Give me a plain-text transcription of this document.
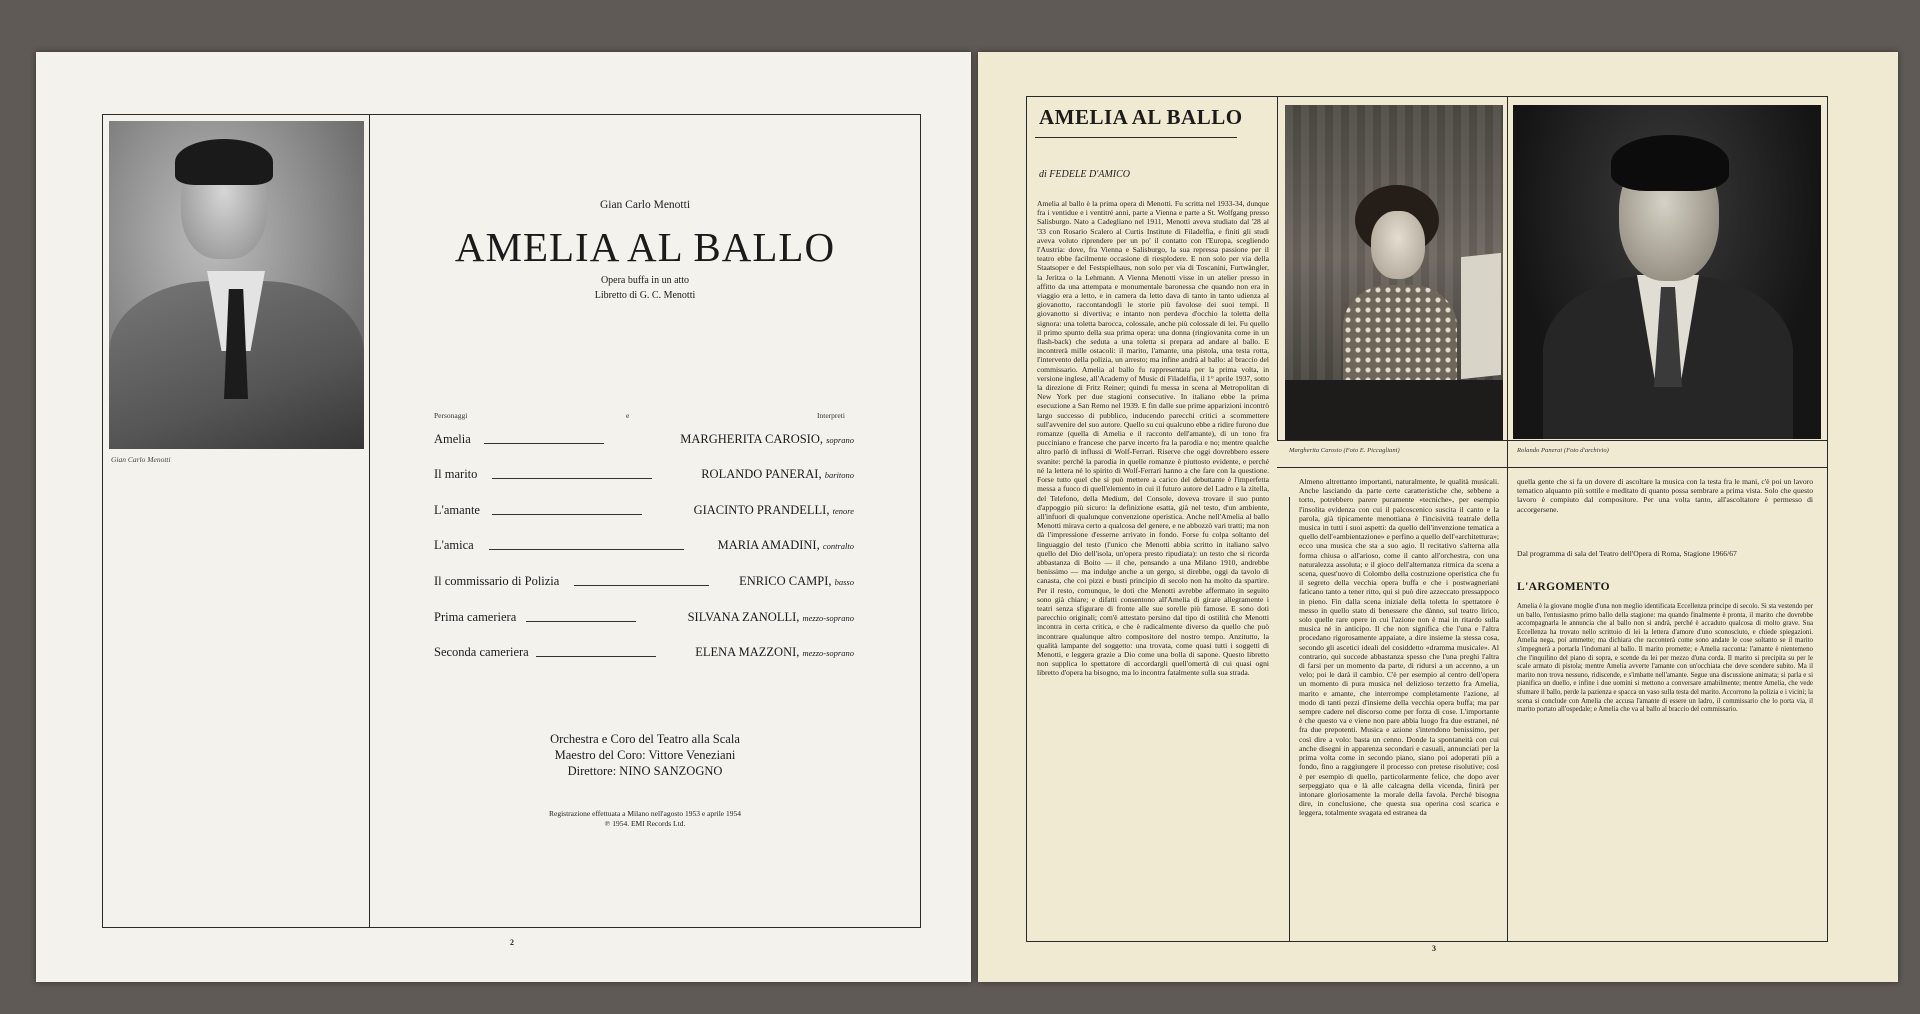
Gian Carlo Menotti
Gian Carlo Menotti
AMELIA AL BALLO
Opera buffa in un atto
Libretto di G. C. Menotti
Personaggi	e	Interpreti
Amelia	MARGHERITA CAROSIO, soprano
Il marito	ROLANDO PANERAI, baritono
L'amante	GIACINTO PRANDELLI, tenore
L'amica	MARIA AMADINI, contralto
Il commissario di Polizia	ENRICO CAMPI, basso
Prima cameriera	SILVANA ZANOLLI, mezzo-soprano
Seconda cameriera	ELENA MAZZONI, mezzo-soprano
Orchestra e Coro del Teatro alla Scala
Maestro del Coro: Vittore Veneziani
Direttore: NINO SANZOGNO
Registrazione effettuata a Milano nell'agosto 1953 e aprile 1954
℗ 1954. EMI Records Ltd.
2
AMELIA AL BALLO
di FEDELE D'AMICO
Margherita Carosio (Foto E. Piccagliani)	Rolando Panerai (Foto d'archivio)
Amelia al ballo è la prima opera di Menotti. Fu scritta nel 1933-34, dunque fra i ventidue e i ventitré anni, parte a Vienna e parte a St. Wolfgang presso Salisburgo. Nato a Cadegliano nel 1911, Menotti aveva studiato dal '28 al '33 con Rosario Scalero al Curtis Institute di Filadelfia, e finiti gli studi aveva voluto riprendere per un po' il contatto con l'Europa, scegliendo l'Austria: dove, fra Vienna e Salisburgo, la sua repressa passione per il teatro ebbe facilmente occasione di riesplodere. E non solo per via della Staatsoper e del Festspielhaus, non solo per via di Toscanini, Furtwängler, la Jeritza o la Lehmann. A Vienna Menotti visse in un atelier presso in affitto da una attempata e monumentale baronessa che quando non era in viaggio era a letto, e in camera da letto dava di tanto in tanto udienza al giovanotto, raccontandogli le storie più favolose dei suoi tempi. Il giovanotto si divertiva; e intanto non perdeva d'occhio la toletta della signora: una toletta barocca, colossale, anche più colossale di lei. Fu quello il primo spunto della sua prima opera: una donna (ringiovanita come in un flash-back) che seduta a una toletta si prepara ad andare al ballo. E incontrerà mille ostacoli: il marito, l'amante, una pistola, una testa rotta, l'intervento della polizia, un arresto; ma infine andrà al ballo: al braccio del commissario. Amelia al ballo fu rappresentata per la prima volta, in versione inglese, all'Academy of Music di Filadelfia, il 1° aprile 1937, sotto la direzione di Fritz Reiner; quindi fu messa in scena al Metropolitan di New York per due stagioni consecutive. In italiano ebbe la prima esecuzione a San Remo nel 1939. E fin dalle sue prime apparizioni incontrò largo successo di pubblico, inducendo parecchi critici a scommettere sull'avvenire del suo autore. Quello su cui qualcuno ebbe a ridire furono due romanze (quella di Amelia e il racconto dell'amante), di un tono fra pucciniano e francese che parve incerto fra la parodia e no; mentre qualche altro parlò di influssi di Wolf-Ferrari. Riserve che oggi dovrebbero essere svanite: perché la parodia in quelle romanze è piuttosto evidente, e perché né la lettera né lo spirito di Wolf-Ferrari hanno a che fare con la questione. Forse tutto quel che si può mettere a carico del debuttante è l'imperfetta messa a fuoco di quell'elemento in cui il futuro autore del Ladro e la zitella, del Telefono, della Medium, del Console, doveva trovare il suo punto d'appoggio più sicuro: la definizione esatta, già nel testo, d'un ambiente, all'infuori di qualunque convenzione operistica. Anche nell'Amelia al ballo Menotti mirava certo a qualcosa del genere, e ne abbozzò vari tratti; ma non dà l'impressione d'esserne arrivato in fondo. Forse fu colpa soltanto del linguaggio del testo (l'unico che Menotti abbia scritto in italiano salvo quello del Dio dell'isola, un'opera presto ripudiata): un testo che si ricorda abbastanza di Boito — il che, pensando a una Milano 1910, andrebbe benissimo — ma indulge anche a un gergo, si direbbe, oggi da tavolo di canasta, che coi pizzi e busti principio di secolo non ha molto da spartire. Per il resto, comunque, le doti che Menotti avrebbe affermato in seguito sono già chiare; e difatti consentono all'Amelia di girare allegramente i teatri senza sfigurare di fronte alle sue sorelle più famose. E sono doti parecchio originali; com'è attestato persino dal tipo di ostilità che Menotti incontra in certa critica, e che è radicalmente diverso da quello che può incontrare qualunque altro compositore del nostro tempo. Anzitutto, la qualità lampante del soggetto: una trovata, come quasi tutti i soggetti di Menotti, e leggera grazie a Dio come una bolla di sapone. Questo libretto non supplica lo spettatore di accordargli quell'omertà di cui quasi ogni libretto d'opera ha bisogno, ma lo incontra fatalmente sulla sua strada.
Almeno altrettanto importanti, naturalmente, le qualità musicali. Anche lasciando da parte certe caratteristiche che, sebbene a torto, potrebbero parere puramente «tecniche», per esempio l'insolita evidenza con cui il palcoscenico suscita il canto e la parola, già tipicamente menottiana è l'incisività teatrale della musica in tutti i suoi aspetti: da quello dell'invenzione tematica a quello dell'«ambientazione» e perfino a quello dell'«architettura»; ecco una musica che sta a suo agio. Il recitativo s'alterna alla forma chiusa o all'arioso, come il canto all'orchestra, con una naturalezza assoluta; e il gioco dell'alternanza ritmica da scena a scena, quest'uovo di Colombo della costruzione operistica che fu il segreto della vecchia opera buffa e che i postwagneriani faticano tanto a tener ritto, qui si può dire azzeccato pressappoco in pieno. Fin dalla scena iniziale della toletta lo spettatore è messo in quello stato di benessere che dànno, sul teatro lirico, solo quelle rare opere in cui l'azione non è mai in ritardo sulla musica né in anticipo. Il che non significa che l'una e l'altra procedano rigorosamente appaiate, a dire insieme la stessa cosa, secondo gli ascetici ideali del cosiddetto «dramma musicale». Al contrario, qui succede abbastanza spesso che l'una preghi l'altra di farsi per un momento da parte, di ridursi a un accenno, a un velo; poi le darà il cambio. C'è per esempio al centro dell'opera un momento di pura musica nel delizioso terzetto fra Amelia, marito e amante, che interrompe completamente l'azione, al modo di tanti pezzi d'insieme della vecchia opera buffa; ma par sempre cadere nel discorso come per forza di cose. L'importante è che questo va e viene non pare abbia luogo fra due estranei, né fra due prepotenti. Musica e azione s'intendono benissimo, per così dire a volo: basta un cenno. Donde la spontaneità con cui anche disegni in apparenza secondari e casuali, annunciati per la prima volta come in secondo piano, siano poi adoperati più a fondo, fino a raggiungere il processo con pretese risolutive; così è per esempio di quello, particolarmente felice, che dopo aver serpeggiato qua e là alle calcagna della vicenda, finirà per intonare gloriosamente la morale della favola. Perché bisogna dire, in conclusione, che questa sua operina così scarica e leggera, totalmente svagata ed estranea da
quella gente che si fa un dovere di ascoltare la musica con la testa fra le mani, c'è poi un lavoro tematico alquanto più sottile e meditato di quanto possa sembrare a prima vista. Solo che questo lavoro è compiuto dal compositore. Per una volta tanto, all'ascoltatore è permesso di accorgersene.
Dal programma di sala del Teatro dell'Opera di Roma, Stagione 1966/67
L'ARGOMENTO
Amelia è la giovane moglie d'una non meglio identificata Eccellenza principe di secolo. Si sta vestendo per un ballo, l'entusiasmo primo ballo della stagione: ma quando finalmente è pronta, il marito che dovrebbe accompagnarla le annuncia che al ballo non si andrà, perché è accaduto qualcosa di molto grave. Sua Eccellenza ha trovato nello scrittoio di lei la lettera d'amore d'uno sconosciuto, e chiede spiegazioni. Amelia nega, poi ammette; ma dichiara che racconterà come sono andate le cose soltanto se il marito s'impegnerà a portarla l'indomani al ballo. Il marito promette; e Amelia racconta: l'amante è nientemeno che l'inquilino del piano di sopra, e scende da lei per mezzo d'una corda. Il marito si precipita su per le scale armato di pistola; mentre Amelia avverte l'amante con un'occhiata che deve scendere subito. Ma il marito non trova nessuno, ridiscende, e s'imbatte nell'amante. Segue una discussione animata; si parla e si pianifica un duello, e infine i due uomini si mettono a conversare amabilmente; mentre Amelia, che vede sfumare il ballo, perde la pazienza e spacca un vaso sulla testa del marito. Accorrono la polizia e i vicini; la scena si conclude con Amelia che accusa l'amante di essere un ladro, il commissario che lo porta via, il marito portato all'ospedale; e Amelia che va al ballo al braccio del commissario.
3
